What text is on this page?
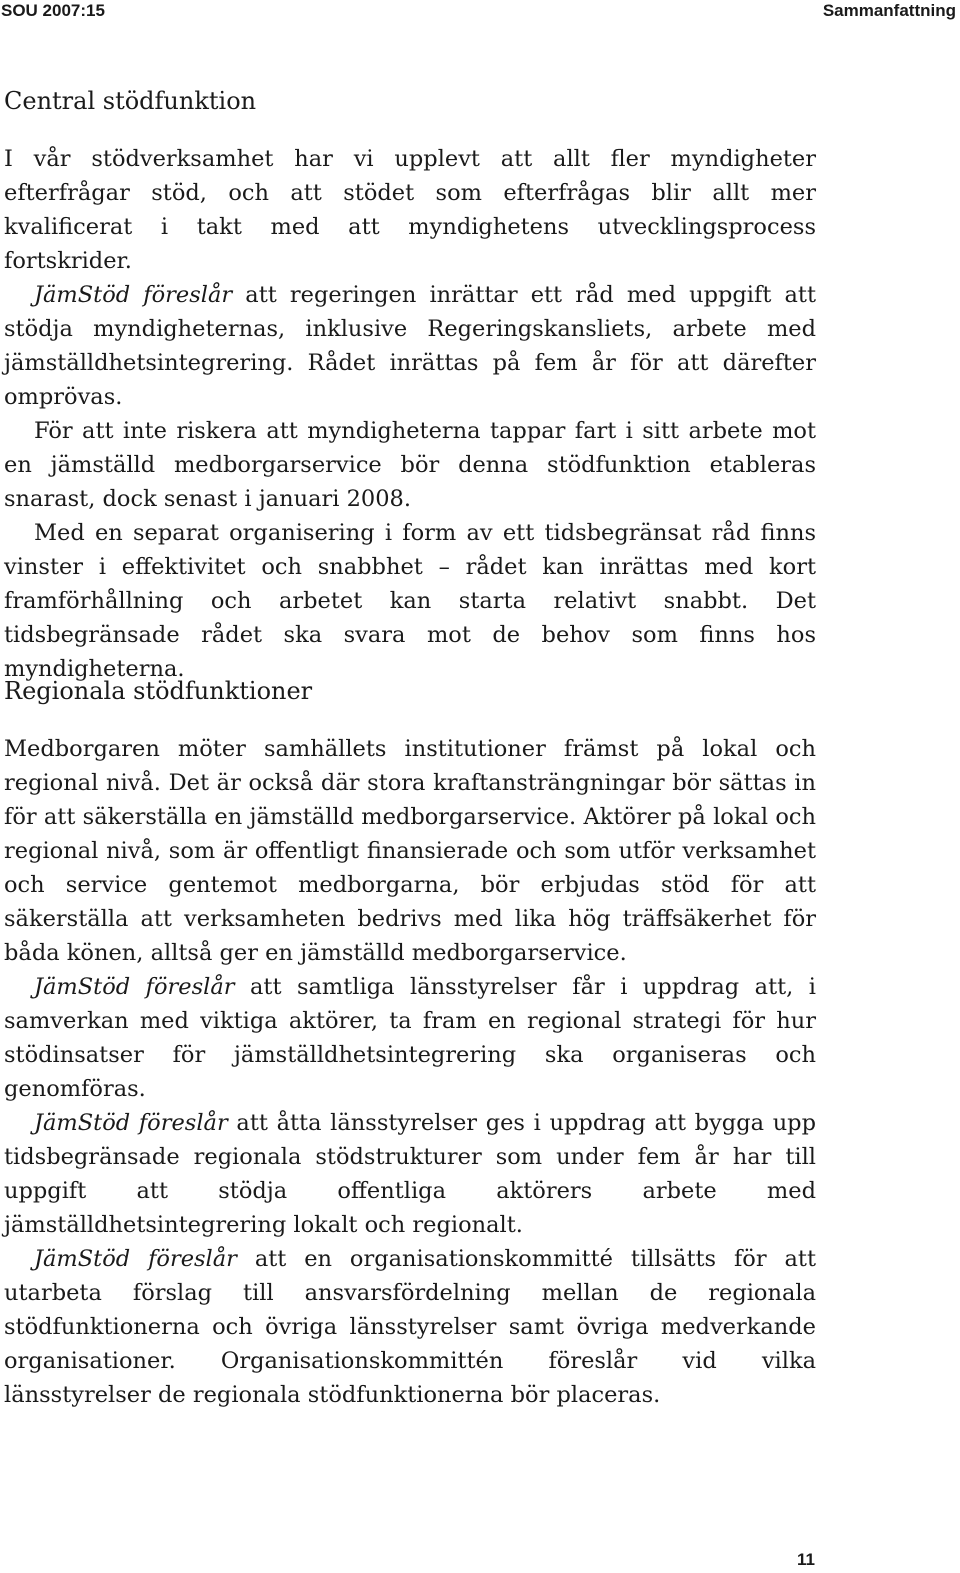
SOU 2007:15	Sammanfattning
Central stödfunktion

I vår stödverksamhet har vi upplevt att allt fler myndigheter efterfrågar stöd, och att stödet som efterfrågas blir allt mer kvalificerat i takt med att myndighetens utvecklingsprocess fortskrider.

JämStöd föreslår att regeringen inrättar ett råd med uppgift att stödja myndigheternas, inklusive Regeringskansliets, arbete med jämställdhetsintegrering. Rådet inrättas på fem år för att därefter omprövas.

För att inte riskera att myndigheterna tappar fart i sitt arbete mot en jämställd medborgarservice bör denna stödfunktion etableras snarast, dock senast i januari 2008.

Med en separat organisering i form av ett tidsbegränsat råd finns vinster i effektivitet och snabbhet – rådet kan inrättas med kort framförhållning och arbetet kan starta relativt snabbt. Det tidsbegränsade rådet ska svara mot de behov som finns hos myndigheterna.

Regionala stödfunktioner

Medborgaren möter samhällets institutioner främst på lokal och regional nivå. Det är också där stora kraftansträngningar bör sättas in för att säkerställa en jämställd medborgarservice. Aktörer på lokal och regional nivå, som är offentligt finansierade och som utför verksamhet och service gentemot medborgarna, bör erbjudas stöd för att säkerställa att verksamheten bedrivs med lika hög träffsäkerhet för båda könen, alltså ger en jämställd medborgarservice.

JämStöd föreslår att samtliga länsstyrelser får i uppdrag att, i samverkan med viktiga aktörer, ta fram en regional strategi för hur stödinsatser för jämställdhetsintegrering ska organiseras och genomföras.

JämStöd föreslår att åtta länsstyrelser ges i uppdrag att bygga upp tidsbegränsade regionala stödstrukturer som under fem år har till uppgift att stödja offentliga aktörers arbete med jämställdhetsintegrering lokalt och regionalt.

JämStöd föreslår att en organisationskommitté tillsätts för att utarbeta förslag till ansvarsfördelning mellan de regionala stödfunktionerna och övriga länsstyrelser samt övriga medverkande organisationer. Organisationskommittén föreslår vid vilka länsstyrelser de regionala stödfunktionerna bör placeras.

11
